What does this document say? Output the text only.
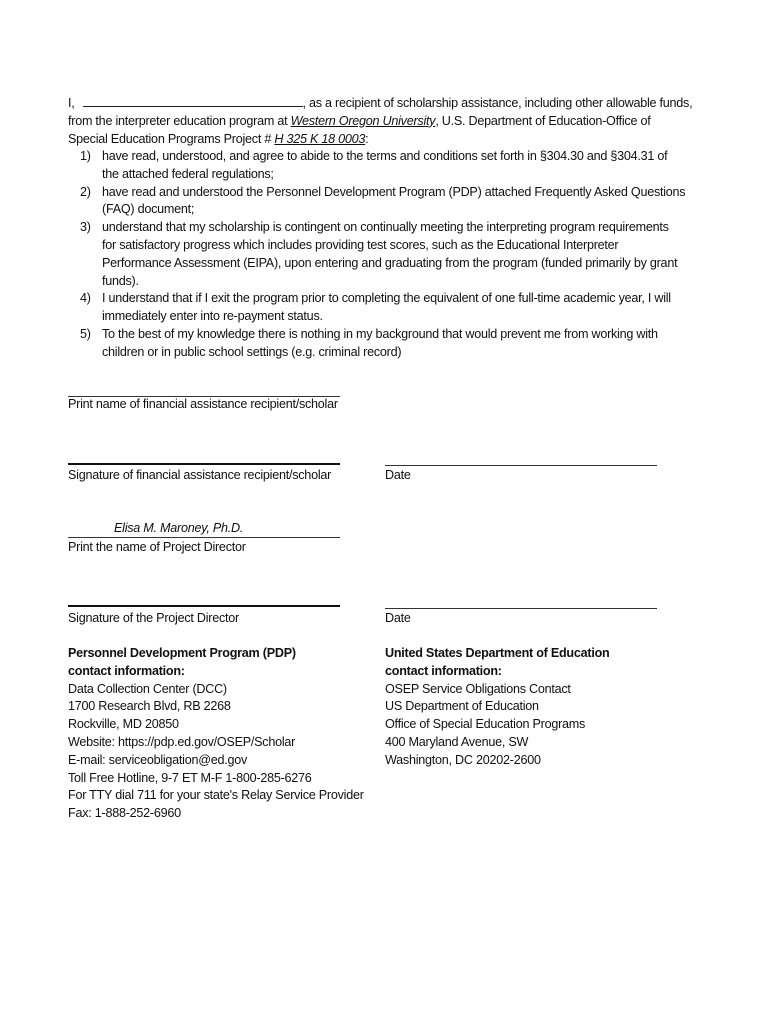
I,	, as a recipient of scholarship assistance, including other allowable funds,
from the interpreter education program at Western Oregon University, U.S. Department of Education-Office of
Special Education Programs Project # H 325 K 18 0003:
1) have read, understood, and agree to abide to the terms and conditions set forth in §304.30 and §304.31 of
the attached federal regulations;
2) have read and understood the Personnel Development Program (PDP) attached Frequently Asked Questions
(FAQ) document;
3) understand that my scholarship is contingent on continually meeting the interpreting program requirements
for satisfactory progress which includes providing test scores, such as the Educational Interpreter
Performance Assessment (EIPA), upon entering and graduating from the program (funded primarily by grant
funds).
4) I understand that if I exit the program prior to completing the equivalent of one full-time academic year, I will
immediately enter into re-payment status.
5) To the best of my knowledge there is nothing in my background that would prevent me from working with
children or in public school settings (e.g. criminal record)
Print name of financial assistance recipient/scholar
Signature of financial assistance recipient/scholar	Date
Elisa M. Maroney, Ph.D.
Print the name of Project Director
Signature of the Project Director	Date
Personnel Development Program (PDP)
contact information:
Data Collection Center (DCC)
1700 Research Blvd, RB 2268
Rockville, MD 20850
Website: https://pdp.ed.gov/OSEP/Scholar
E-mail: serviceobligation@ed.gov
Toll Free Hotline, 9-7 ET M-F 1-800-285-6276
For TTY dial 711 for your state's Relay Service Provider
Fax: 1-888-252-6960
United States Department of Education
contact information:
OSEP Service Obligations Contact
US Department of Education
Office of Special Education Programs
400 Maryland Avenue, SW
Washington, DC 20202-2600
